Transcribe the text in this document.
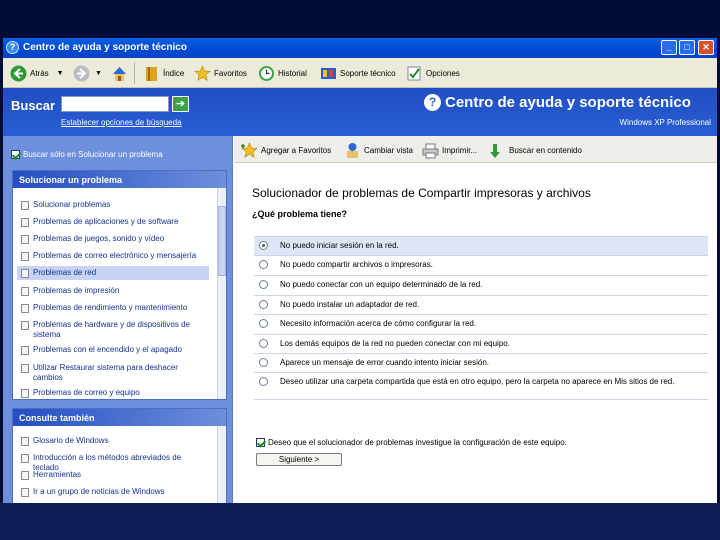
? Centro de ayuda y soporte técnico	_	□	✕
Atrás ▼	▼	Índice	Favoritos	Historial	Soporte técnico	Opciones
Buscar	➔
Establecer opciones de búsqueda
? Centro de ayuda y soporte técnico
Windows XP Professional
Buscar sólo en Solucionar un problema
Solucionar un problema
Solucionar problemas
Problemas de aplicaciones y de software
Problemas de juegos, sonido y vídeo
Problemas de correo electrónico y mensajería
Problemas de red
Problemas de impresión
Problemas de rendimiento y mantenimiento
Problemas de hardware y de dispositivos de sistema
Problemas con el encendido y el apagado
Utilizar Restaurar sistema para deshacer cambios
Problemas de correo y equipo
Consulte también
Glosario de Windows
Introducción a los métodos abreviados de teclado
Herramientas
Ir a un grupo de noticias de Windows
Agregar a Favoritos	Cambiar vista	Imprimir...	Buscar en contenido
Solucionador de problemas de Compartir impresoras y archivos
¿Qué problema tiene?
No puedo iniciar sesión en la red.
No puedo compartir archivos o impresoras.
No puedo conectar con un equipo determinado de la red.
No puedo instalar un adaptador de red.
Necesito información acerca de cómo configurar la red.
Los demás equipos de la red no pueden conectar con mi equipo.
Aparece un mensaje de error cuando intento iniciar sesión.
Deseo utilizar una carpeta compartida que está en otro equipo, pero la carpeta no aparece en Mis sitios de red.
Deseo que el solucionador de problemas investigue la configuración de este equipo.
Siguiente >
